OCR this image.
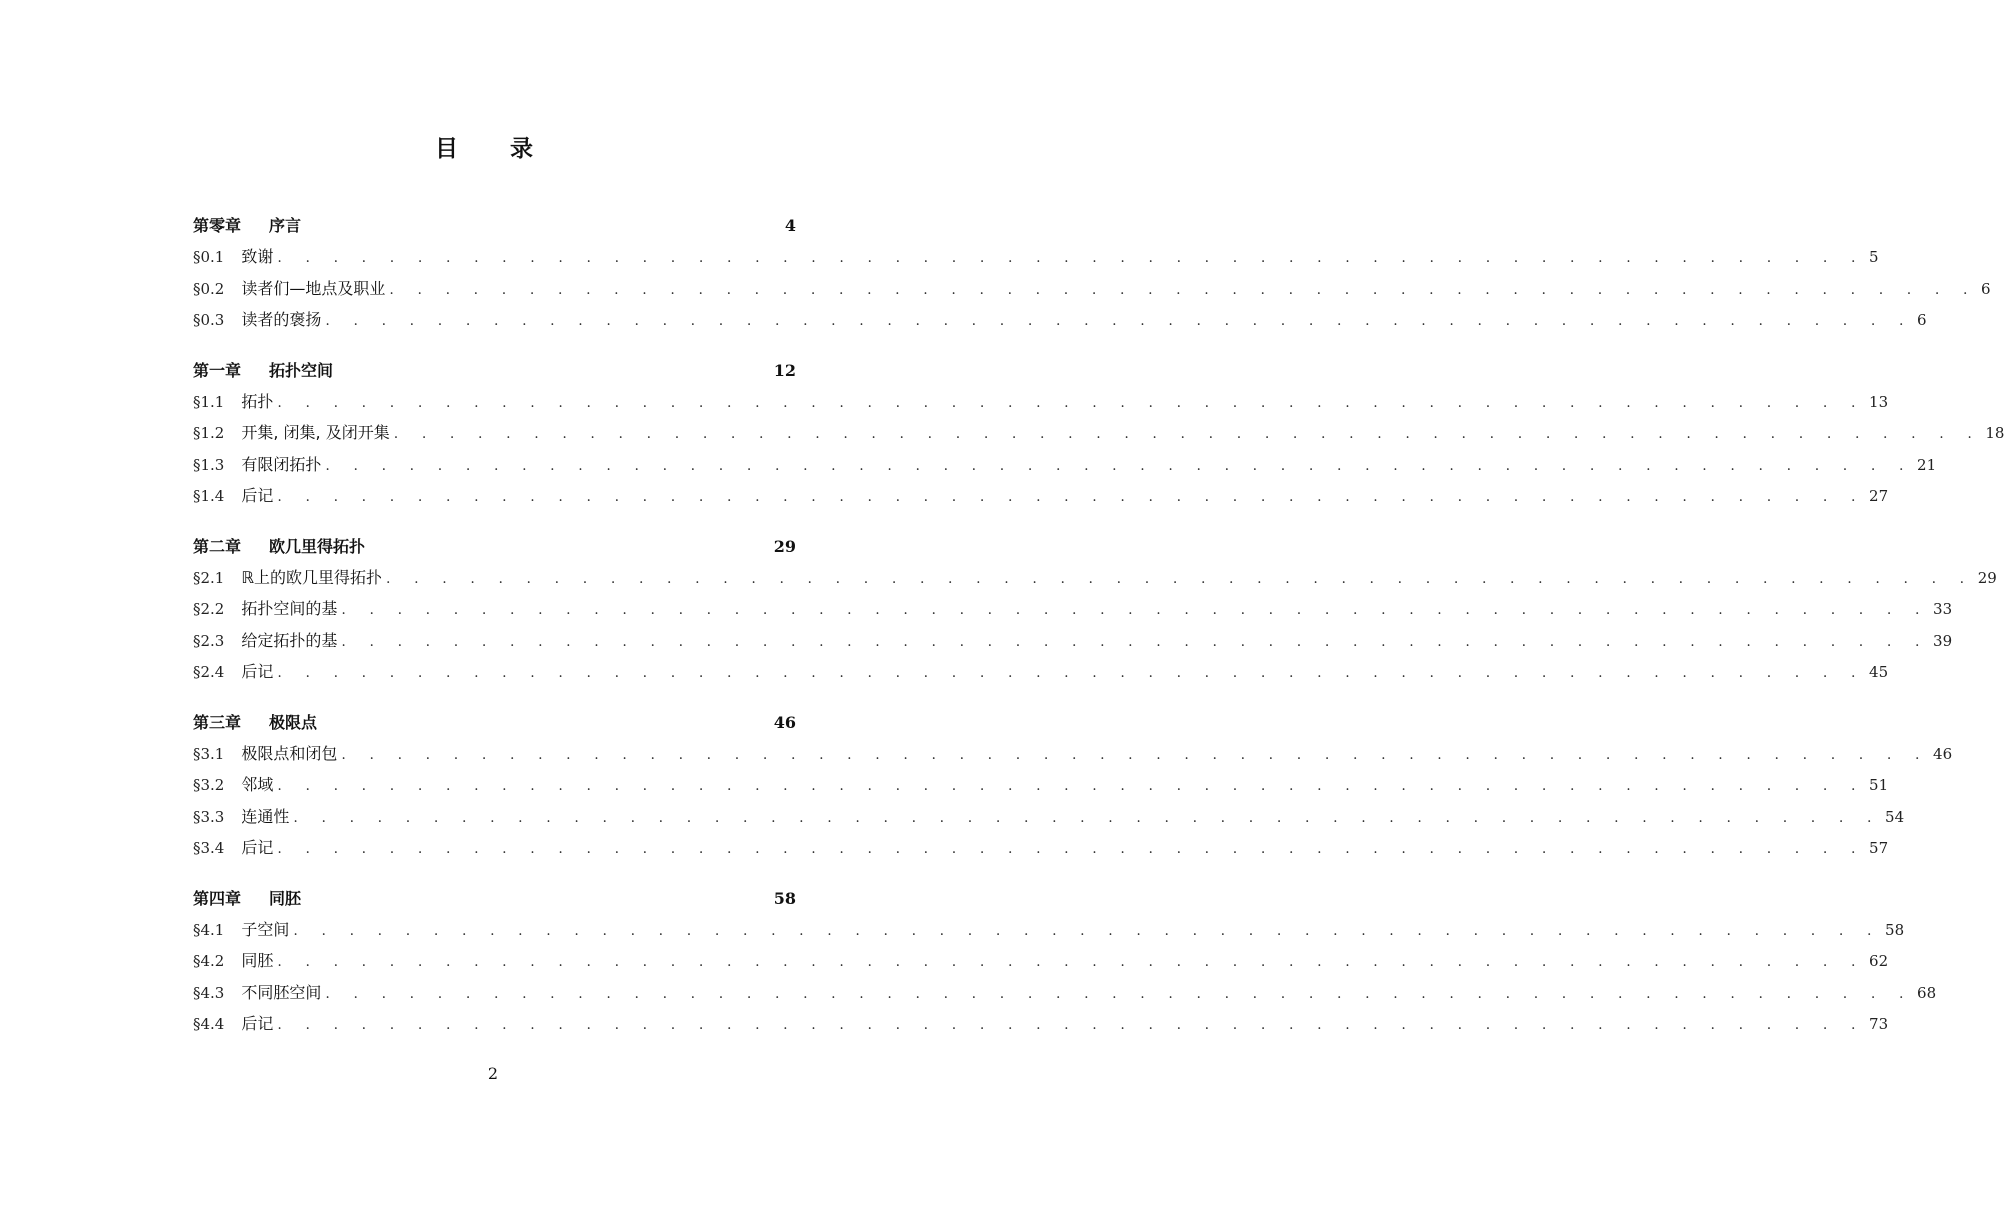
目 录
第零章	序言	4
§0.1	致谢 . . . . . . . . . . . . . . . . . . . . . . . . . . . . . . . . . . . . . . . . . . . . . . . . . . . . . . . . . 5
§0.2	读者们—地点及职业 . . . . . . . . . . . . . . . . . . . . . . . . . . . . . . . . . . . . . . . . . . . . . . . . . . . . . . . . . 6
§0.3	读者的褒扬 . . . . . . . . . . . . . . . . . . . . . . . . . . . . . . . . . . . . . . . . . . . . . . . . . . . . . . . . . 6
第一章	拓扑空间	12
§1.1	拓扑 . . . . . . . . . . . . . . . . . . . . . . . . . . . . . . . . . . . . . . . . . . . . . . . . . . . . . . . . . 13
§1.2	开集, 闭集, 及闭开集 . . . . . . . . . . . . . . . . . . . . . . . . . . . . . . . . . . . . . . . . . . . . . . . . . . . . . . . . . 18
§1.3	有限闭拓扑 . . . . . . . . . . . . . . . . . . . . . . . . . . . . . . . . . . . . . . . . . . . . . . . . . . . . . . . . . 21
§1.4	后记 . . . . . . . . . . . . . . . . . . . . . . . . . . . . . . . . . . . . . . . . . . . . . . . . . . . . . . . . . 27
第二章	欧几里得拓扑	29
§2.1	ℝ上的欧几里得拓扑 . . . . . . . . . . . . . . . . . . . . . . . . . . . . . . . . . . . . . . . . . . . . . . . . . . . . . . . . . 29
§2.2	拓扑空间的基 . . . . . . . . . . . . . . . . . . . . . . . . . . . . . . . . . . . . . . . . . . . . . . . . . . . . . . . . . 33
§2.3	给定拓扑的基 . . . . . . . . . . . . . . . . . . . . . . . . . . . . . . . . . . . . . . . . . . . . . . . . . . . . . . . . . 39
§2.4	后记 . . . . . . . . . . . . . . . . . . . . . . . . . . . . . . . . . . . . . . . . . . . . . . . . . . . . . . . . . 45
第三章	极限点	46
§3.1	极限点和闭包 . . . . . . . . . . . . . . . . . . . . . . . . . . . . . . . . . . . . . . . . . . . . . . . . . . . . . . . . . 46
§3.2	邻域 . . . . . . . . . . . . . . . . . . . . . . . . . . . . . . . . . . . . . . . . . . . . . . . . . . . . . . . . . 51
§3.3	连通性 . . . . . . . . . . . . . . . . . . . . . . . . . . . . . . . . . . . . . . . . . . . . . . . . . . . . . . . . . 54
§3.4	后记 . . . . . . . . . . . . . . . . . . . . . . . . . . . . . . . . . . . . . . . . . . . . . . . . . . . . . . . . . 57
第四章	同胚	58
§4.1	子空间 . . . . . . . . . . . . . . . . . . . . . . . . . . . . . . . . . . . . . . . . . . . . . . . . . . . . . . . . . 58
§4.2	同胚 . . . . . . . . . . . . . . . . . . . . . . . . . . . . . . . . . . . . . . . . . . . . . . . . . . . . . . . . . 62
§4.3	不同胚空间 . . . . . . . . . . . . . . . . . . . . . . . . . . . . . . . . . . . . . . . . . . . . . . . . . . . . . . . . . 68
§4.4	后记 . . . . . . . . . . . . . . . . . . . . . . . . . . . . . . . . . . . . . . . . . . . . . . . . . . . . . . . . . 73
2
